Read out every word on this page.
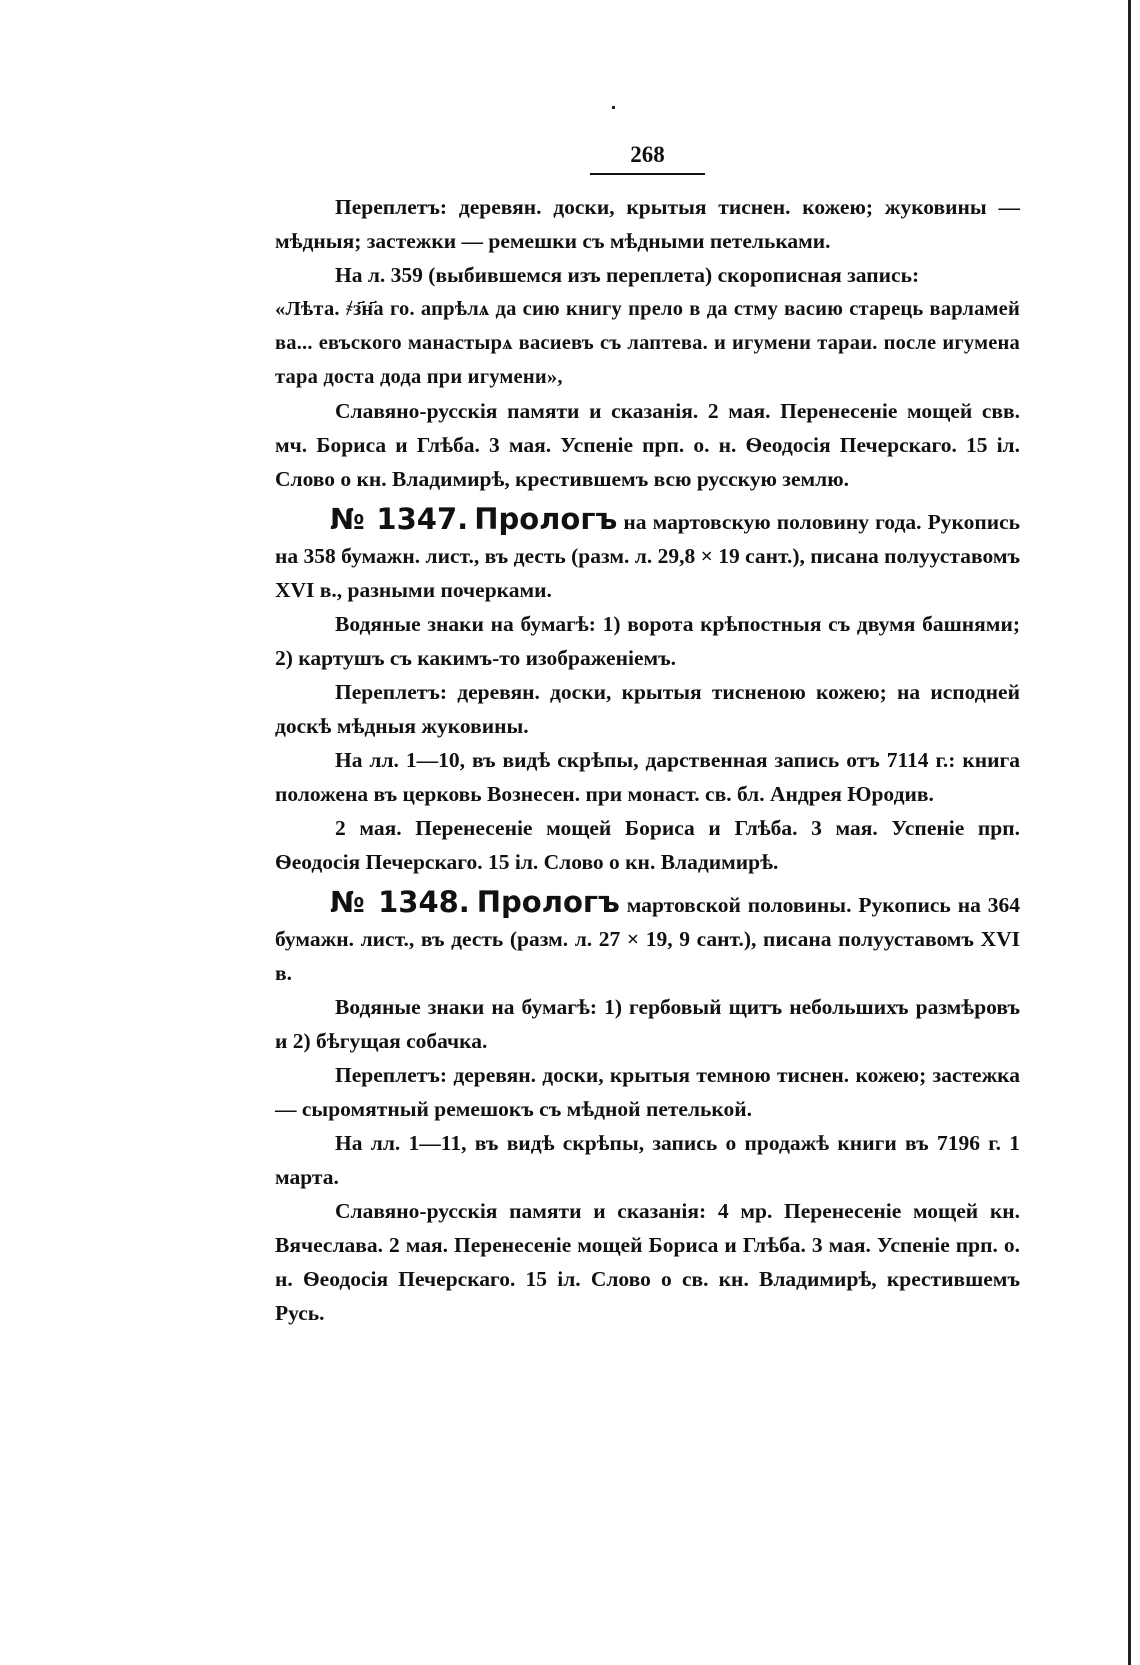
268

Переплетъ: деревян. доски, крытыя тиснен. кожею; жуковины — мѣдныя; застежки — ремешки съ мѣдными петельками.

На л. 359 (выбившемся изъ переплета) скорописная запись:

«Лѣта. ҂з҃н҃а го. апрѣлѧ да сию книгу прело в да стму васию старець варламей ва... евъского манастырѧ васиевъ съ лаптева. и игумени тараи. после игумена тара доста дода при игумени»,

Славяно-русскія памяти и сказанія. 2 мая. Перенесеніе мощей свв. мч. Бориса и Глѣба. 3 мая. Успеніе прп. о. н. Ѳеодосія Печерскаго. 15 іл. Слово о кн. Владимирѣ, крестившемъ всю русскую землю.

№ 1347. Прологъ на мартовскую половину года. Рукопись на 358 бумажн. лист., въ десть (разм. л. 29,8 × 19 сант.), писана полууставомъ XVI в., разными почерками.

Водяные знаки на бумагѣ: 1) ворота крѣпостныя съ двумя башнями; 2) картушъ съ какимъ-то изображеніемъ.

Переплетъ: деревян. доски, крытыя тисненою кожею; на исподней доскѣ мѣдныя жуковины.

На лл. 1—10, въ видѣ скрѣпы, дарственная запись отъ 7114 г.: книга положена въ церковь Вознесен. при монаст. св. бл. Андрея Юродив.

2 мая. Перенесеніе мощей Бориса и Глѣба. 3 мая. Успеніе прп. Ѳеодосія Печерскаго. 15 іл. Слово о кн. Владимирѣ.

№ 1348. Прологъ мартовской половины. Рукопись на 364 бумажн. лист., въ десть (разм. л. 27 × 19, 9 сант.), писана полууставомъ XVI в.

Водяные знаки на бумагѣ: 1) гербовый щитъ небольшихъ размѣровъ и 2) бѣгущая собачка.

Переплетъ: деревян. доски, крытыя темною тиснен. кожею; застежка — сыромятный ремешокъ съ мѣдной петелькой.

На лл. 1—11, въ видѣ скрѣпы, запись о продажѣ книги въ 7196 г. 1 марта.

Славяно-русскія памяти и сказанія: 4 мр. Перенесеніе мощей кн. Вячеслава. 2 мая. Перенесеніе мощей Бориса и Глѣба. 3 мая. Успеніе прп. о. н. Ѳеодосія Печерскаго. 15 іл. Слово о св. кн. Владимирѣ, крестившемъ Русь.
